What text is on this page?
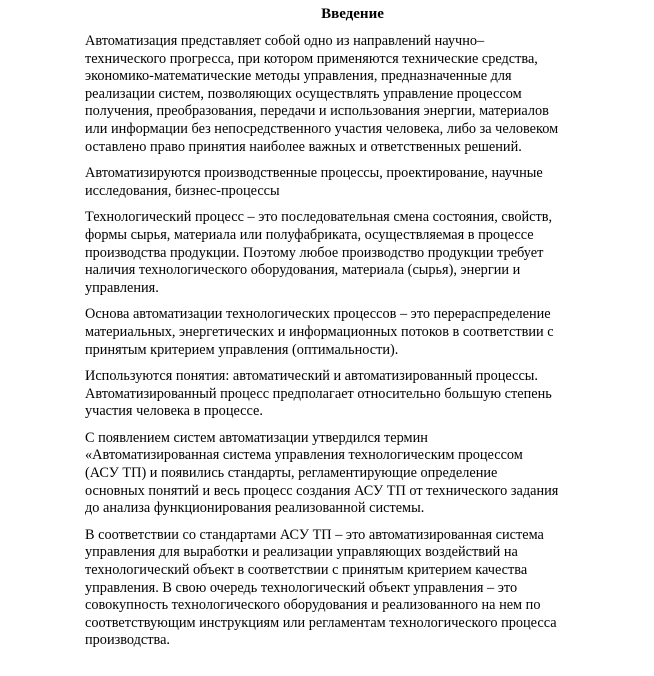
Введение
Автоматизация представляет собой одно из направлений научно–
технического прогресса, при котором применяются технические средства,
экономико-математические методы управления, предназначенные для
реализации систем, позволяющих осуществлять управление процессом
получения, преобразования, передачи и использования энергии, материалов
или информации без непосредственного участия человека, либо за человеком
оставлено право принятия наиболее важных и ответственных решений.
Автоматизируются производственные процессы, проектирование, научные
исследования, бизнес-процессы
Технологический процесс – это последовательная смена состояния, свойств,
формы сырья, материала или полуфабриката, осуществляемая в процессе
производства продукции. Поэтому любое производство продукции требует
наличия технологического оборудования, материала (сырья), энергии и
управления.
Основа автоматизации технологических процессов – это перераспределение
материальных, энергетических и информационных потоков в соответствии с
принятым критерием управления (оптимальности).
Используются понятия: автоматический и автоматизированный процессы.
Автоматизированный процесс предполагает относительно большую степень
участия человека в процессе.
С появлением систем автоматизации утвердился термин
«Автоматизированная система управления технологическим процессом
(АСУ ТП) и появились стандарты, регламентирующие определение
основных понятий и весь процесс создания АСУ ТП от технического задания
до анализа функционирования реализованной системы.
В соответствии со стандартами АСУ ТП – это автоматизированная система
управления для выработки и реализации управляющих воздействий на
технологический объект в соответствии с принятым критерием качества
управления. В свою очередь технологический объект управления – это
совокупность технологического оборудования и реализованного на нем по
соответствующим инструкциям или регламентам технологического процесса
производства.
